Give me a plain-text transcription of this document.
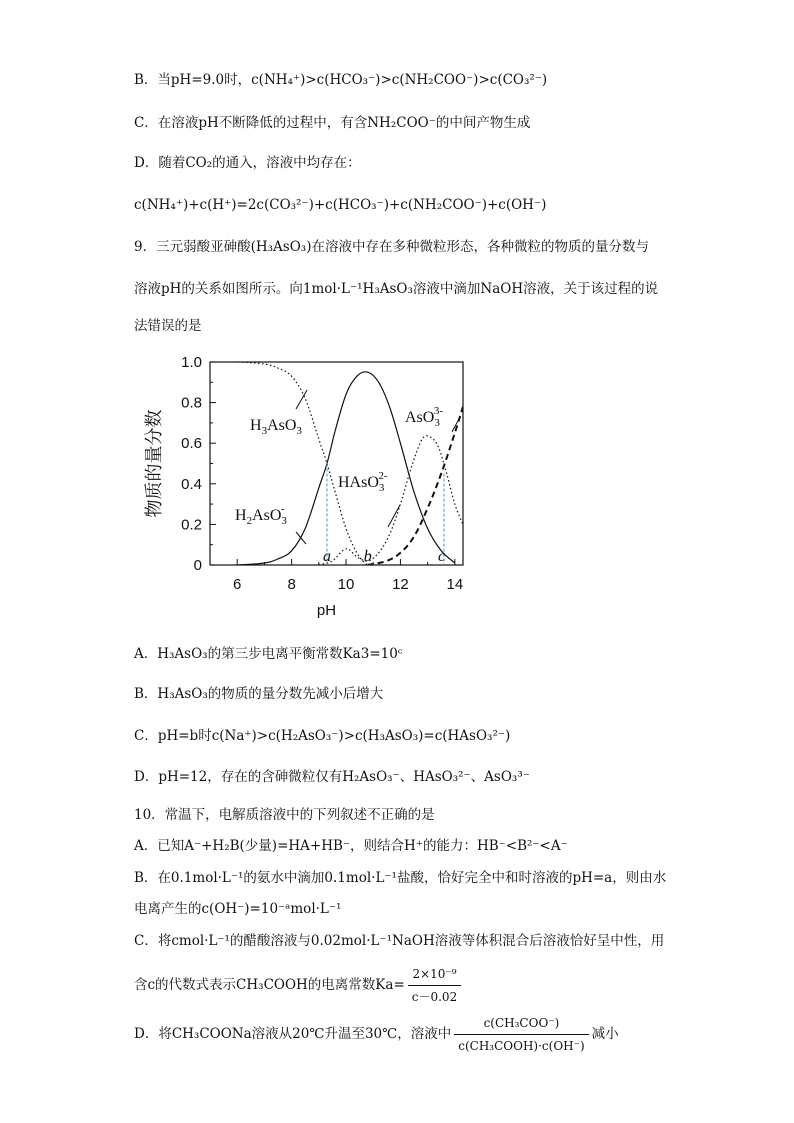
B．当pH=9.0时，c(NH₄⁺)>c(HCO₃⁻)>c(NH₂COO⁻)>c(CO₃²⁻)
C．在溶液pH不断降低的过程中，有含NH₂COO⁻的中间产物生成
D．随着CO₂的通入，溶液中均存在：
c(NH₄⁺)+c(H⁺)=2c(CO₃²⁻)+c(HCO₃⁻)+c(NH₂COO⁻)+c(OH⁻)
9．三元弱酸亚砷酸(H₃AsO₃)在溶液中存在多种微粒形态，各种微粒的物质的量分数与
溶液pH的关系如图所示。向1mol·L⁻¹H₃AsO₃溶液中滴加NaOH溶液，关于该过程的说
法错误的是
0
0.2
0.4
0.6
0.8
1.0
6	8	10	12	14
pH
物质的量分数
a b	c
$H_3AsO_3$
$H_2AsO_3-$
HAsO$_3$2-
AsO$_3$3-
A．H₃AsO₃的第三步电离平衡常数Ka3=10ᶜ
B．H₃AsO₃的物质的量分数先减小后增大
C．pH=b时c(Na⁺)>c(H₂AsO₃⁻)>c(H₃AsO₃)=c(HAsO₃²⁻)
D．pH=12，存在的含砷微粒仅有H₂AsO₃⁻、HAsO₃²⁻、AsO₃³⁻
10．常温下，电解质溶液中的下列叙述不正确的是
A．已知A⁻+H₂B(少量)=HA+HB⁻，则结合H⁺的能力：HB⁻<B²⁻<A⁻
B．在0.1mol·L⁻¹的氨水中滴加0.1mol·L⁻¹盐酸，恰好完全中和时溶液的pH=a，则由水
电离产生的c(OH⁻)=10⁻ᵃmol·L⁻¹
C．将cmol·L⁻¹的醋酸溶液与0.02mol·L⁻¹NaOH溶液等体积混合后溶液恰好呈中性，用
含c的代数式表示CH₃COOH的电离常数$Ka= \frac{\text{2×10⁻⁹}}{c-0.02}$
D．将CH₃COONa溶液从20℃升温至30℃，溶液中 $\frac{\text{c(CH₃COO⁻)}}{\text{c(CH₃COOH)·c(OH⁻)}}$ 减小
